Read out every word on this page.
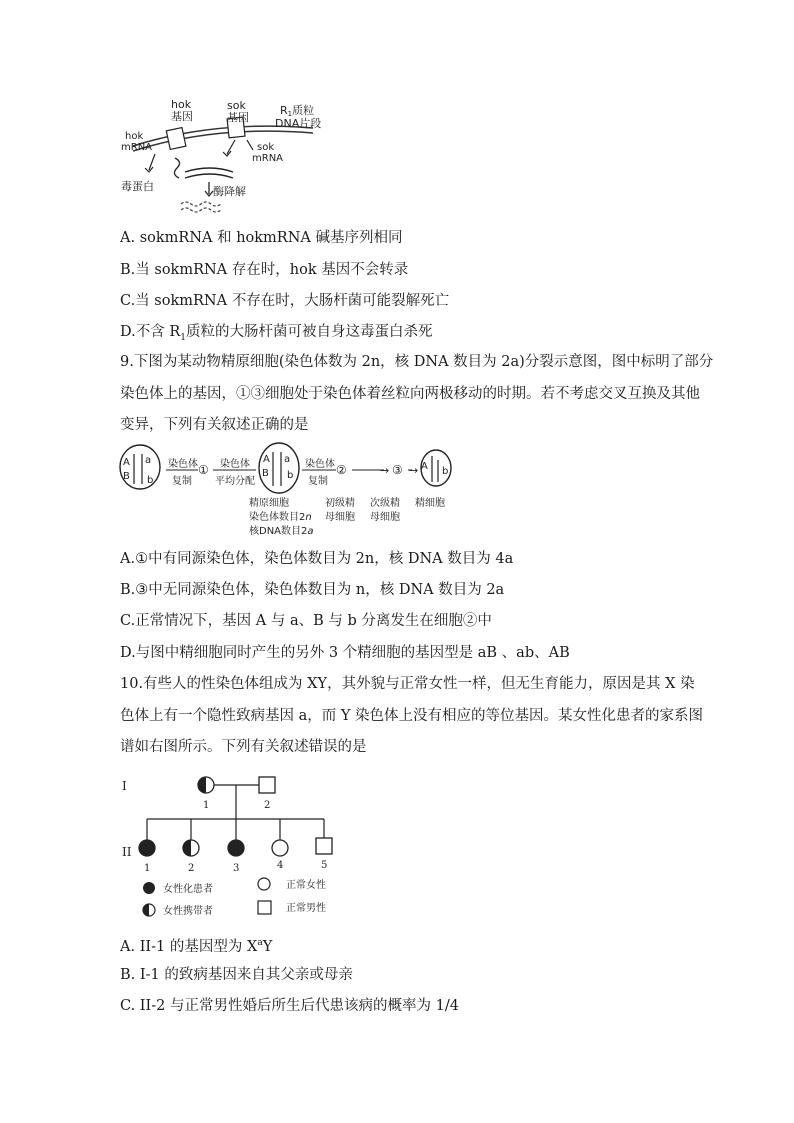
hok
基因
sok
基因
R1质粒
DNA片段
hok
mRNA	sok
mRNA
毒蛋白	酶降解
A. sokmRNA 和 hokmRNA 碱基序列相同
B.当 sokmRNA 存在时，hok 基因不会转录
C.当 sokmRNA 不存在时，大肠杆菌可能裂解死亡
D.不含 $R_1$质粒的大肠杆菌可被自身这毒蛋白杀死
9.下图为某动物精原细胞(染色体数为 2n，核 DNA 数目为 2a)分裂示意图，图中标明了部分
染色体上的基因，①③细胞处于染色体着丝粒向两极移动的时期。若不考虑交叉互换及其他
变异，下列有关叙述正确的是
A a
B b
染色体
复制
① 染色体
平均分配
A a
B b
染色体
复制
②	→ ③ → A b
精原细胞
染色体数目2n
核DNA数目2a
初级精
母细胞
次级精
母细胞
精细胞
A.①中有同源染色体，染色体数目为 2n，核 DNA 数目为 4a
B.③中无同源染色体，染色体数目为 n，核 DNA 数目为 2a
C.正常情况下，基因 A 与 a、B 与 b 分离发生在细胞②中
D.与图中精细胞同时产生的另外 3 个精细胞的基因型是 aB 、ab、AB
10.有些人的性染色体组成为 XY，其外貌与正常女性一样，但无生育能力，原因是其 X 染
色体上有一个隐性致病基因 a，而 Y 染色体上没有相应的等位基因。某女性化患者的家系图
谱如右图所示。下列有关叙述错误的是
I
II
1	2
1	2	3	4	5
女性化患者
女性携带者
正常女性
正常男性
A. II-1 的基因型为 $X^aY$
B. I-1 的致病基因来自其父亲或母亲
C. II-2 与正常男性婚后所生后代患该病的概率为 1/4
